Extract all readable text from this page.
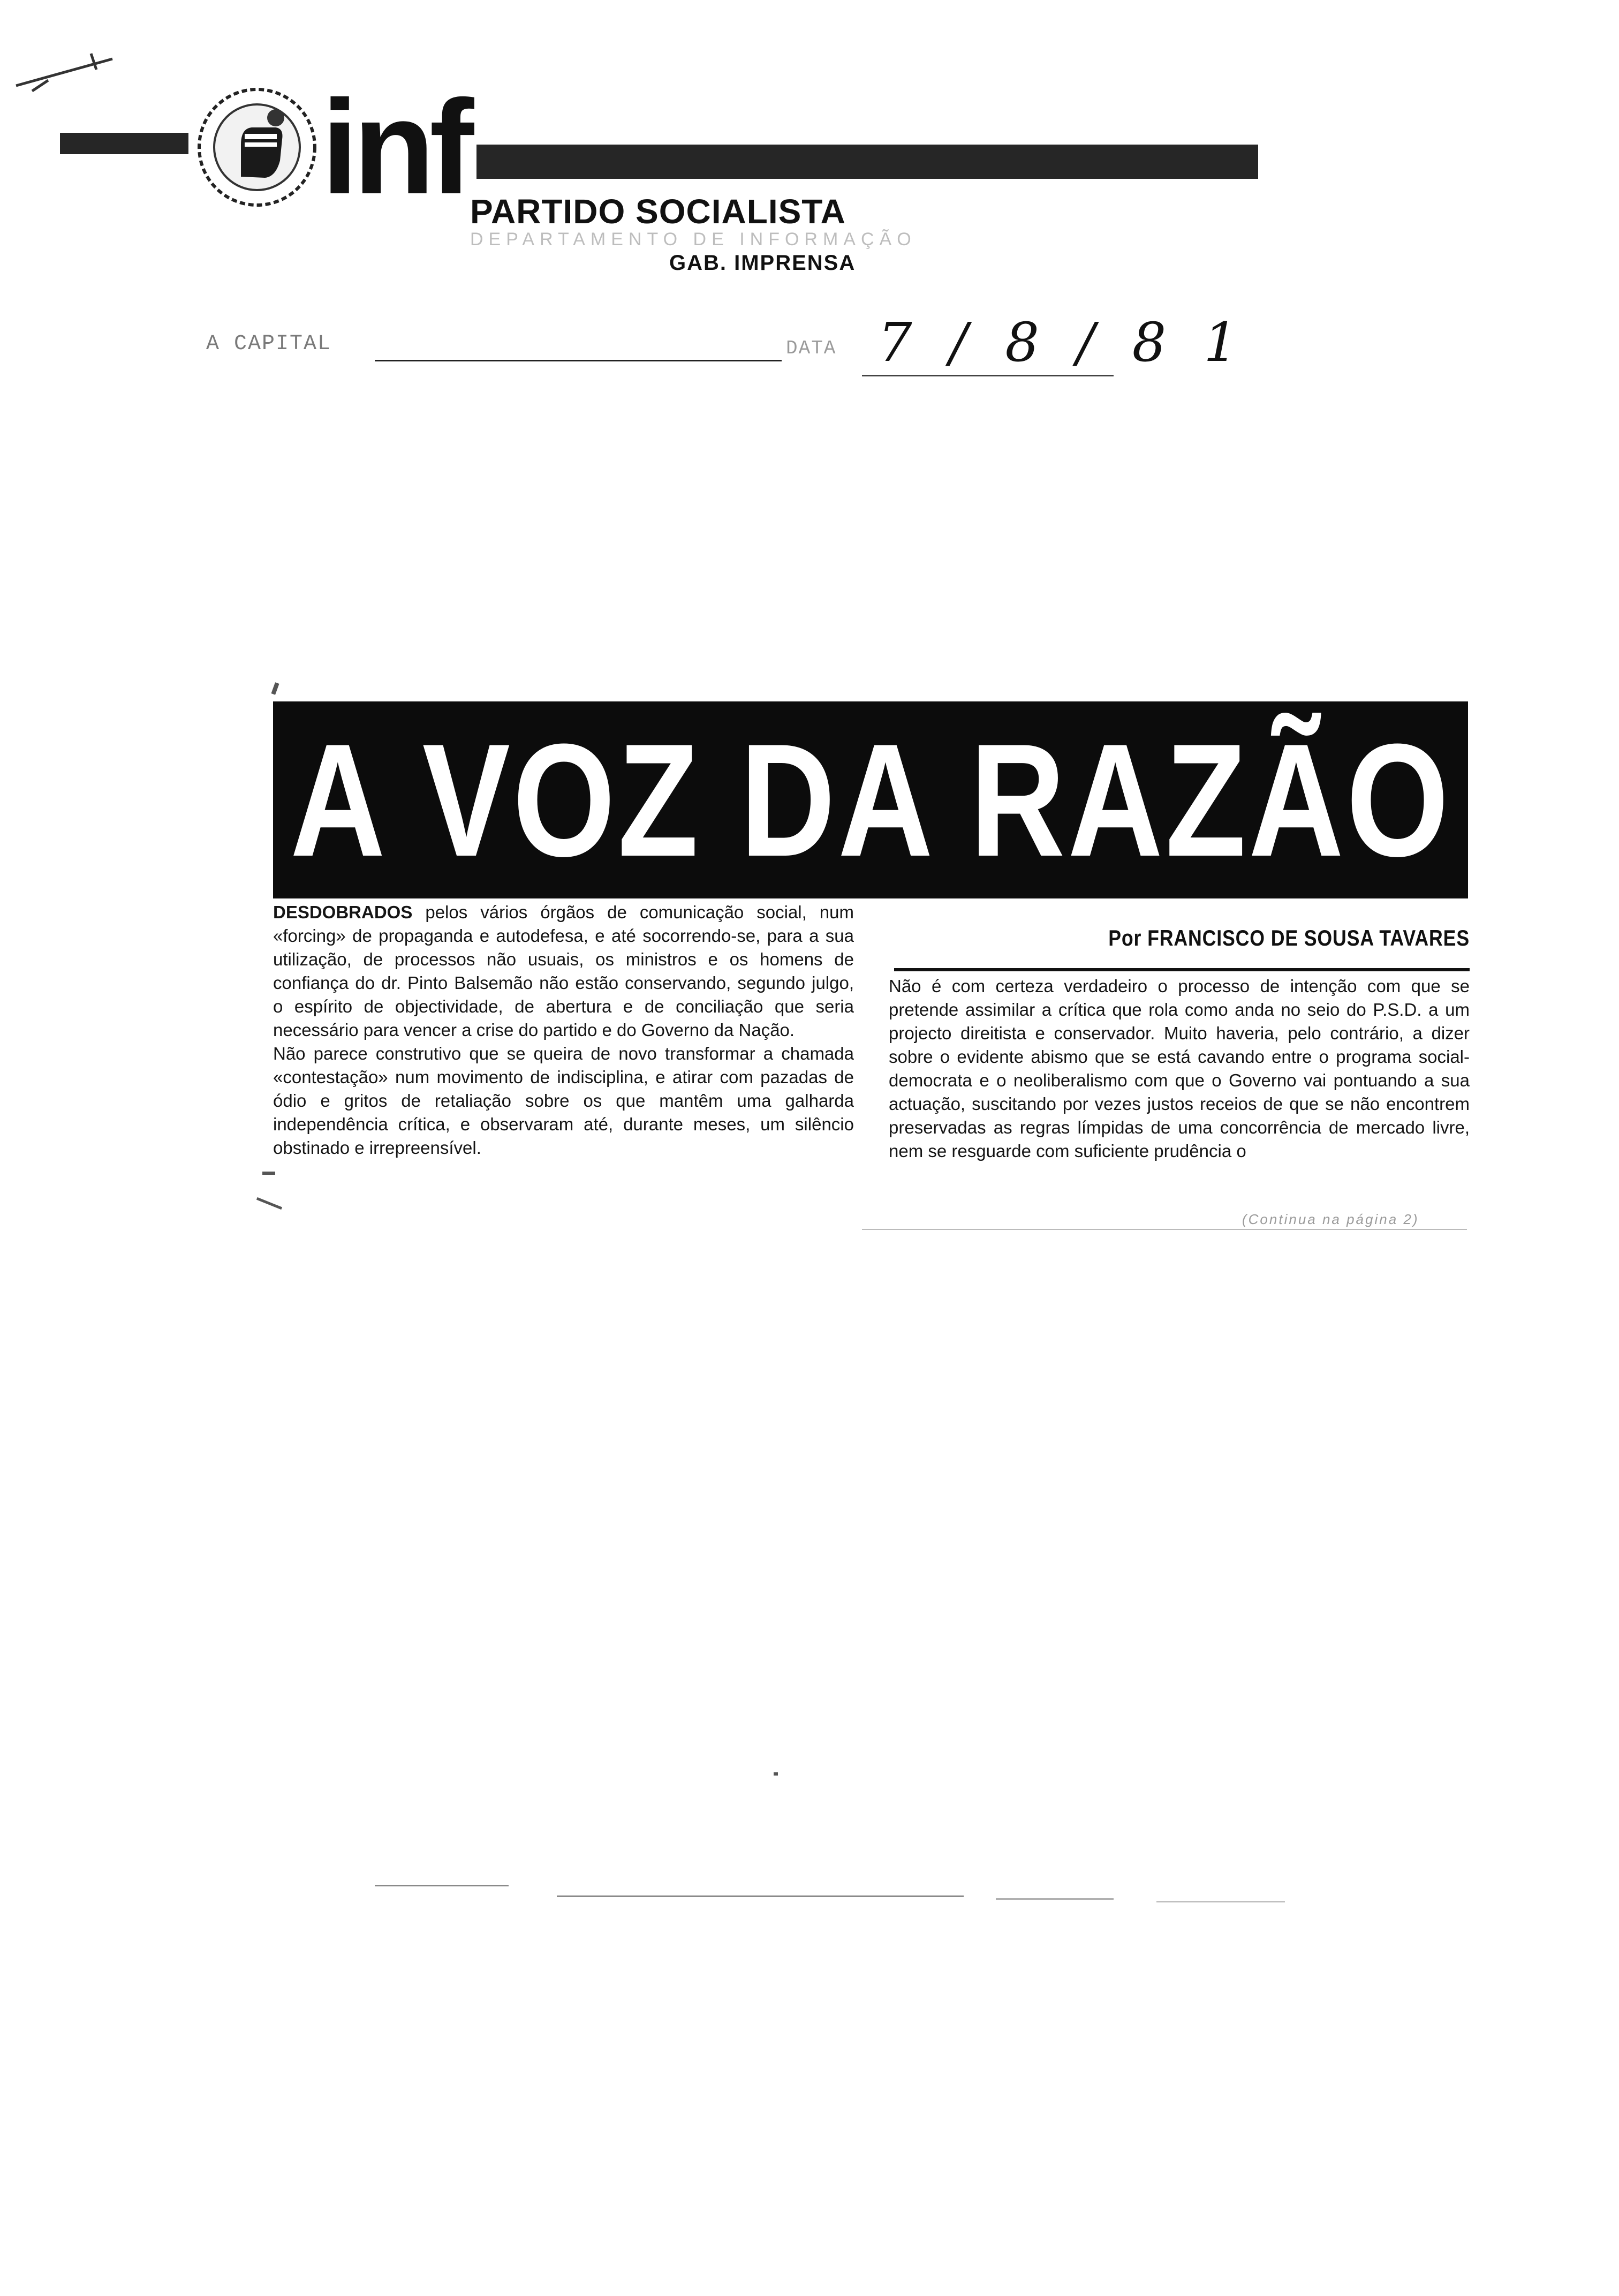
inf PARTIDO SOCIALISTA
DEPARTAMENTO DE INFORMAÇÃO
GAB. IMPRENSA
A CAPITAL	DATA 7/8/81
A VOZ DA RAZÃO

DESDOBRADOS pelos vários órgãos de comunicação social, num «forcing» de propaganda e autodefesa, e até socorrendo-se, para a sua utilização, de processos não usuais, os ministros e os homens de confiança do dr. Pinto Balsemão não estão conservando, segundo julgo, o espírito de objectividade, de abertura e de conciliação que seria necessário para vencer a crise do partido e do Governo da Nação.

Não parece construtivo que se queira de novo transformar a chamada «contestação» num movimento de indisciplina, e atirar com pazadas de ódio e gritos de retaliação sobre os que mantêm uma galharda independência crítica, e observaram até, durante meses, um silêncio obstinado e irrepreensível.

Por FRANCISCO DE SOUSA TAVARES

Não é com certeza verdadeiro o processo de intenção com que se pretende assimilar a crítica que rola como anda no seio do P.S.D. a um projecto direitista e conservador. Muito haveria, pelo contrário, a dizer sobre o evidente abismo que se está cavando entre o programa social-democrata e o neoliberalismo com que o Governo vai pontuando a sua actuação, suscitando por vezes justos receios de que se não encontrem preservadas as regras límpidas de uma concorrência de mercado livre, nem se resguarde com suficiente prudência o

(Continua na página 2)
